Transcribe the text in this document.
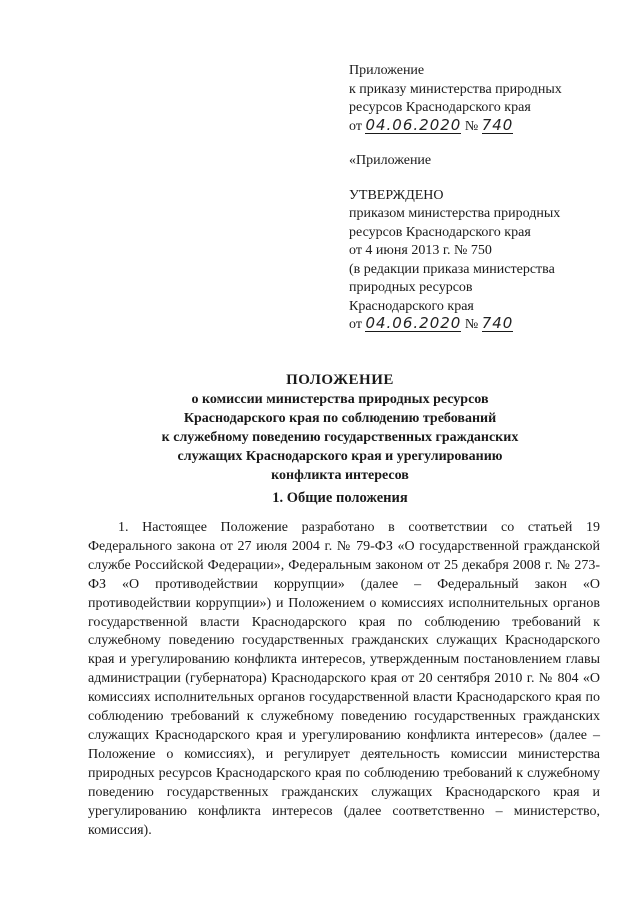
Приложение
к приказу министерства природных
ресурсов Краснодарского края
от 04.06.2020 № 740
«Приложение
УТВЕРЖДЕНО
приказом министерства природных
ресурсов Краснодарского края
от 4 июня 2013 г. № 750
(в редакции приказа министерства
природных ресурсов
Краснодарского края
от 04.06.2020 № 740
ПОЛОЖЕНИЕ
о комиссии министерства природных ресурсов
Краснодарского края по соблюдению требований
к служебному поведению государственных гражданских
служащих Краснодарского края и урегулированию
конфликта интересов
1. Общие положения

1. Настоящее Положение разработано в соответствии со статьей 19 Федерального закона от 27 июля 2004 г. № 79-ФЗ «О государственной гражданской службе Российской Федерации», Федеральным законом от 25 декабря 2008 г. № 273-ФЗ «О противодействии коррупции» (далее – Федеральный закон «О противодействии коррупции») и Положением о комиссиях исполнительных органов государственной власти Краснодарского края по соблюдению требований к служебному поведению государственных гражданских служащих Краснодарского края и урегулированию конфликта интересов, утвержденным постановлением главы администрации (губернатора) Краснодарского края от 20 сентября 2010 г. № 804 «О комиссиях исполнительных органов государственной власти Краснодарского края по соблюдению требований к служебному поведению государственных гражданских служащих Краснодарского края и урегулированию конфликта интересов» (далее – Положение о комиссиях), и регулирует деятельность комиссии министерства природных ресурсов Краснодарского края по соблюдению требований к служебному поведению государственных гражданских служащих Краснодарского края и урегулированию конфликта интересов (далее соответственно – министерство, комиссия).
